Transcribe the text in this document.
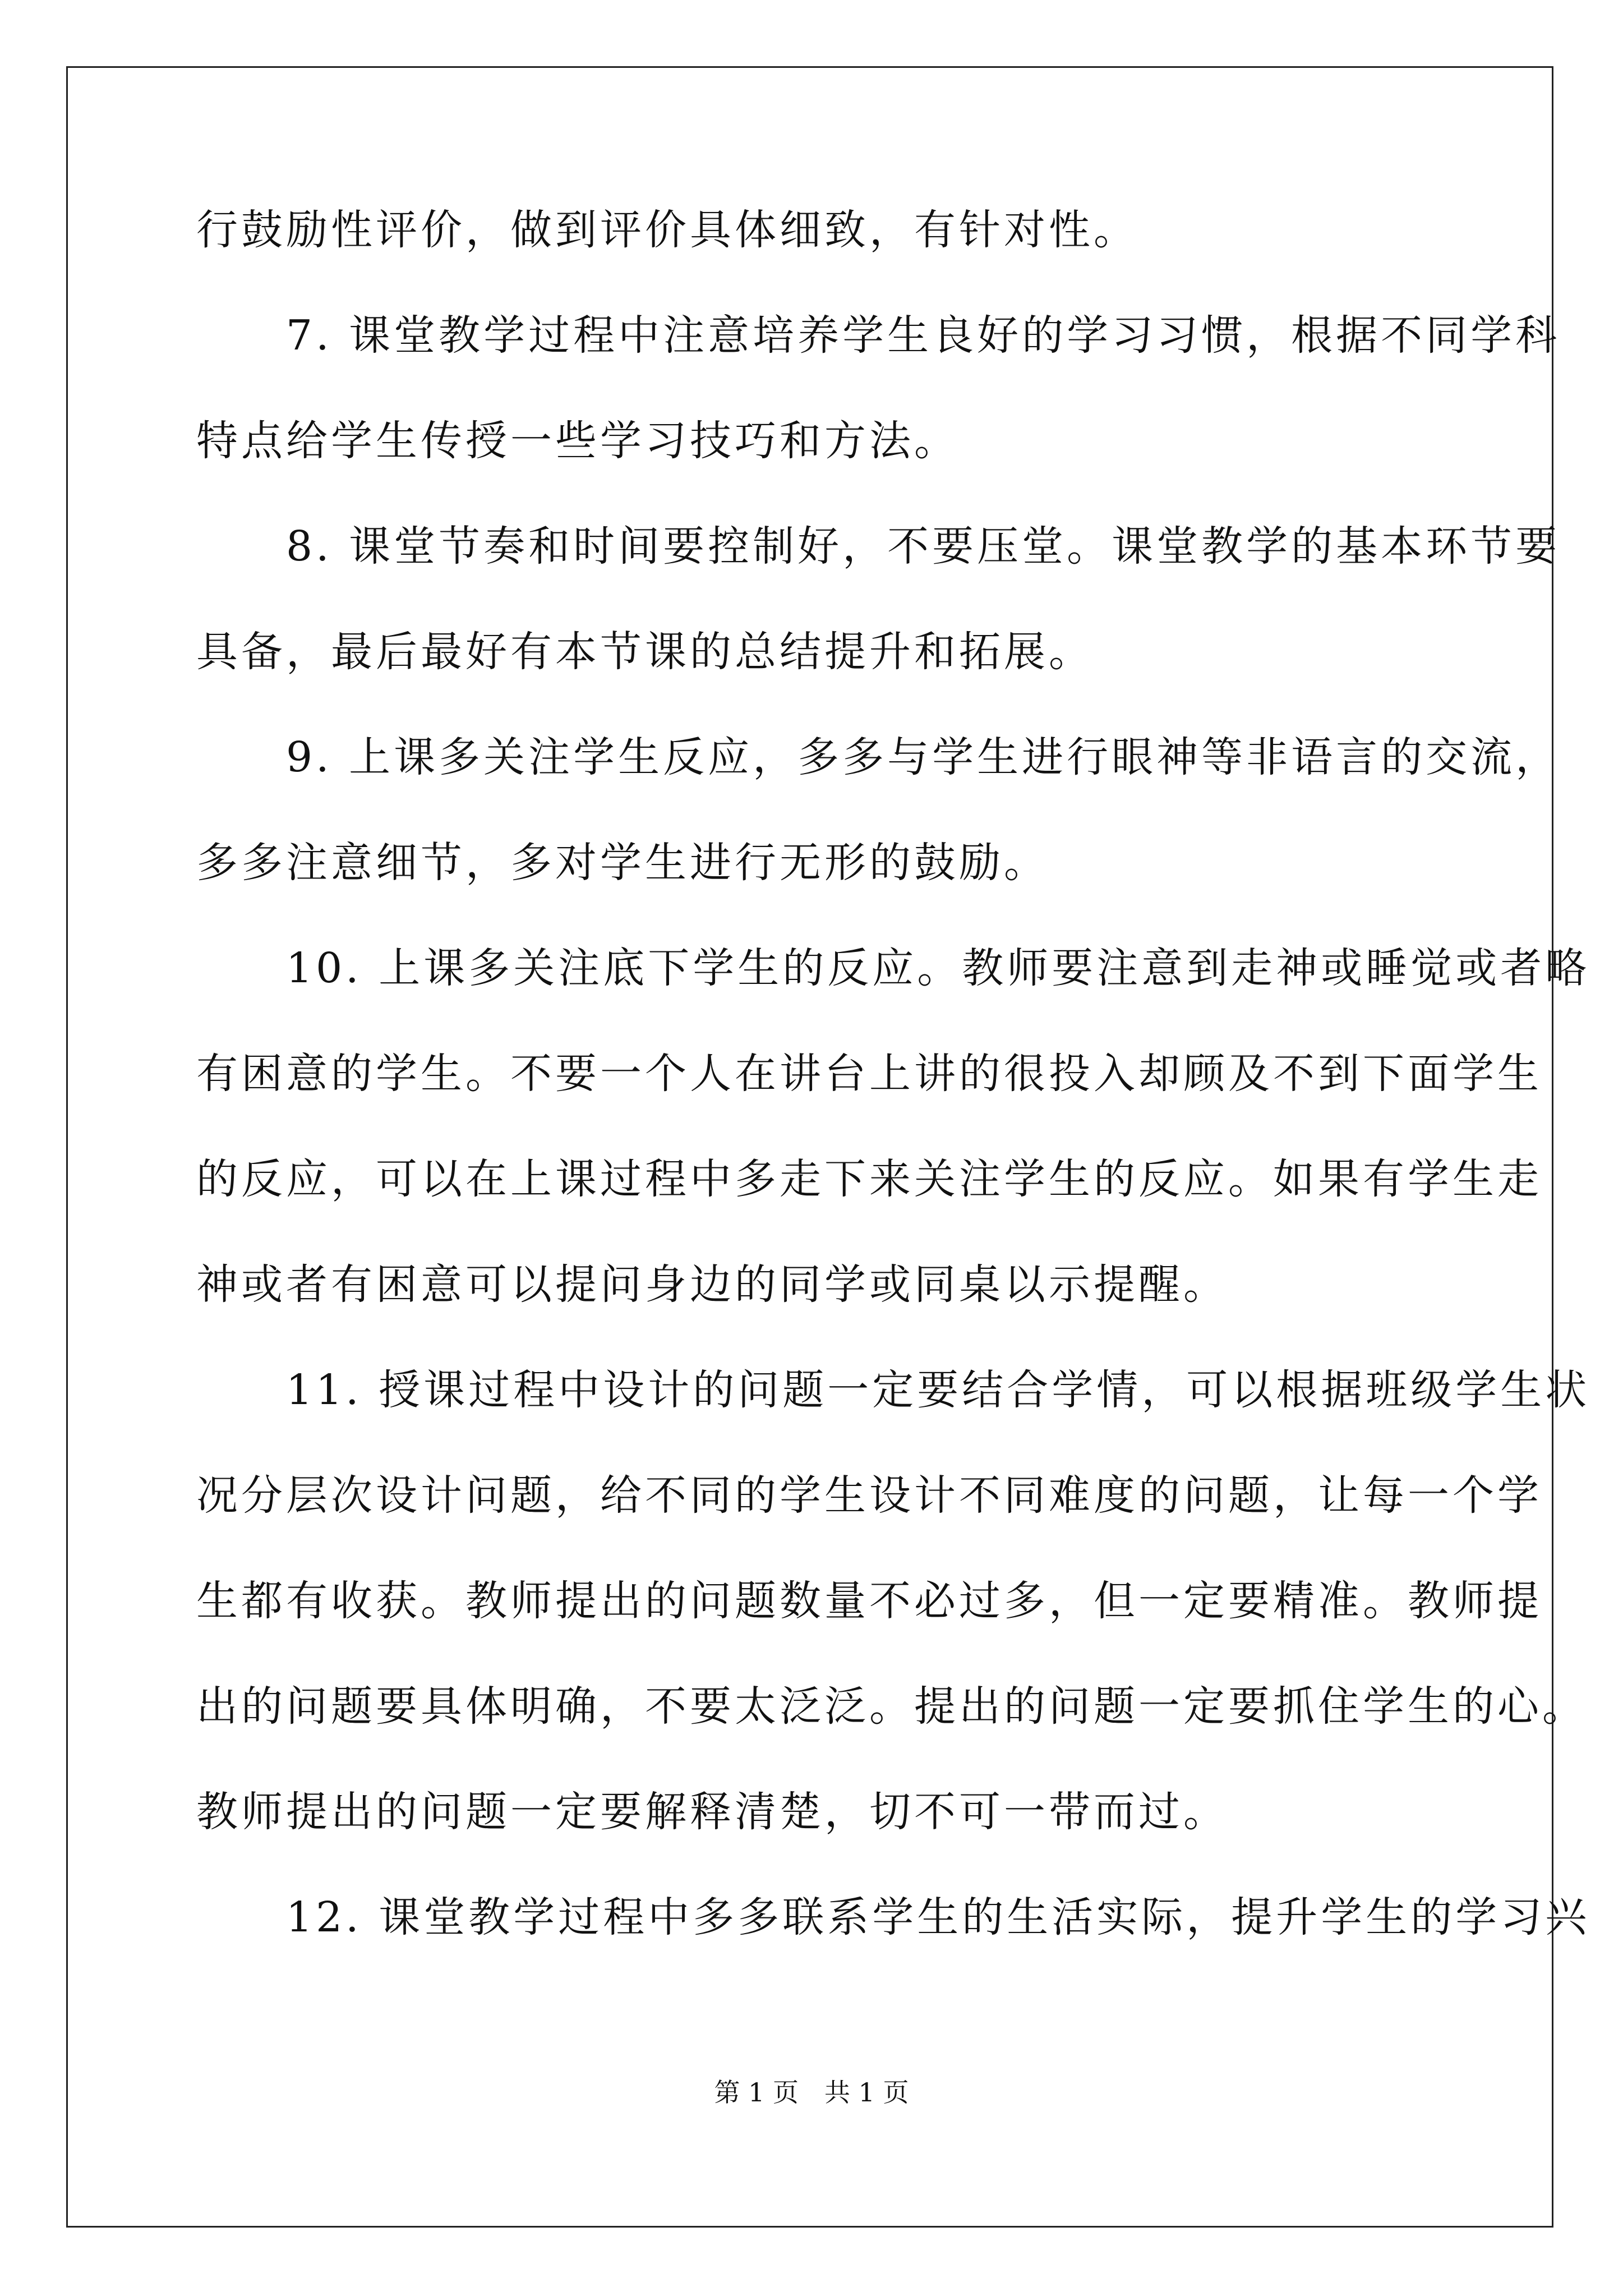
行鼓励性评价，做到评价具体细致，有针对性。
　　7. 课堂教学过程中注意培养学生良好的学习习惯，根据不同学科
特点给学生传授一些学习技巧和方法。
　　8. 课堂节奏和时间要控制好，不要压堂。课堂教学的基本环节要
具备，最后最好有本节课的总结提升和拓展。
　　9. 上课多关注学生反应，多多与学生进行眼神等非语言的交流，
多多注意细节，多对学生进行无形的鼓励。
　　10. 上课多关注底下学生的反应。教师要注意到走神或睡觉或者略
有困意的学生。不要一个人在讲台上讲的很投入却顾及不到下面学生
的反应，可以在上课过程中多走下来关注学生的反应。如果有学生走
神或者有困意可以提问身边的同学或同桌以示提醒。
　　11. 授课过程中设计的问题一定要结合学情，可以根据班级学生状
况分层次设计问题，给不同的学生设计不同难度的问题，让每一个学
生都有收获。教师提出的问题数量不必过多，但一定要精准。教师提
出的问题要具体明确，不要太泛泛。提出的问题一定要抓住学生的心。
教师提出的问题一定要解释清楚，切不可一带而过。
　　12. 课堂教学过程中多多联系学生的生活实际，提升学生的学习兴
第 1 页　共 1 页
